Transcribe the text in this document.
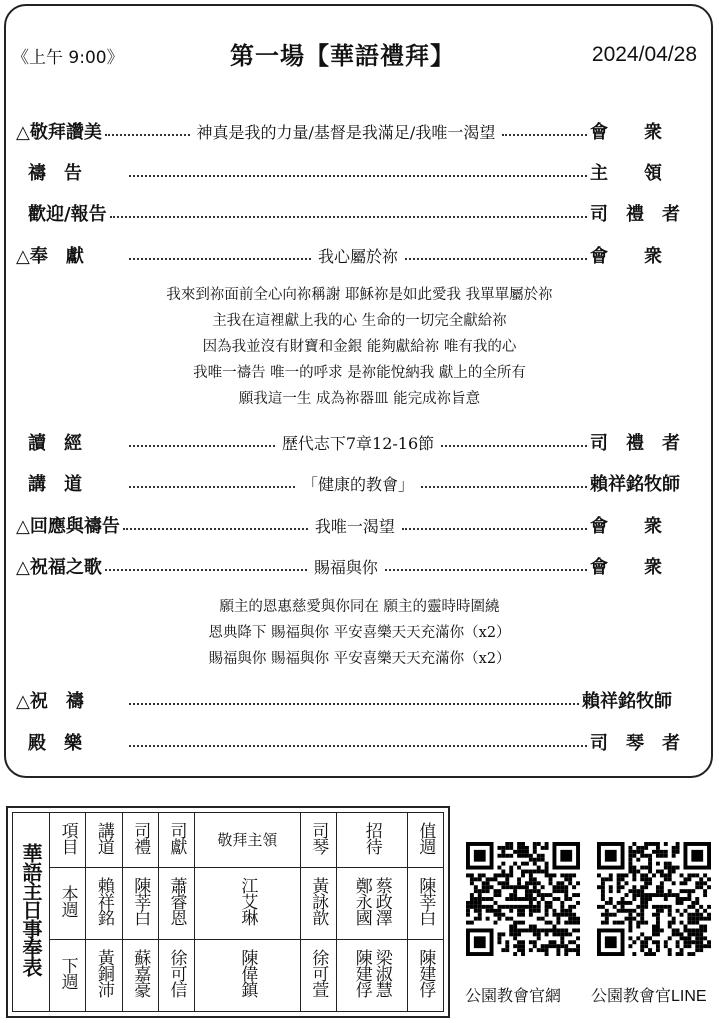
《上午 9:00》	第一場【華語禮拜】	2024/04/28
△敬拜讚美	神真是我的力量/基督是我滿足/我唯一渴望	會　　衆
禱　告	主　　領
歡迎/報告	司　禮　者
△奉　獻	我心屬於祢	會　　衆
我來到祢面前全心向祢稱謝 耶穌祢是如此愛我 我單單屬於祢
主我在這裡獻上我的心 生命的一切完全獻給祢
因為我並沒有財寶和金銀 能夠獻給祢 唯有我的心
我唯一禱告 唯一的呼求 是祢能悅納我 獻上的全所有
願我這一生 成為祢器皿 能完成祢旨意
讀　經	歷代志下7章12-16節	司　禮　者
講　道	「健康的教會」	賴祥銘牧師
△回應與禱告	我唯一渴望	會　　衆
△祝福之歌	賜福與你	會　　衆
願主的恩惠慈愛與你同在 願主的靈時時圍繞
恩典降下 賜福與你 平安喜樂天天充滿你（x2）
賜福與你 賜福與你 平安喜樂天天充滿你（x2）
△祝　禱	賴祥銘牧師
殿　樂	司　琴　者
華語主日事奉表	項目	講道	司禮	司獻	敬拜主領	司琴	招待	值週
	本週	賴祥銘	陳莘白	蕭睿恩	江艾琳	黃詠歆	鄭永國蔡政澤	陳莘白
	下週	黃銅沛	蘇嘉豪	徐可信	陳偉鎮	徐可萱	陳建俘梁淑慧	陳建俘 公園教會官網 公園教會官LINE
